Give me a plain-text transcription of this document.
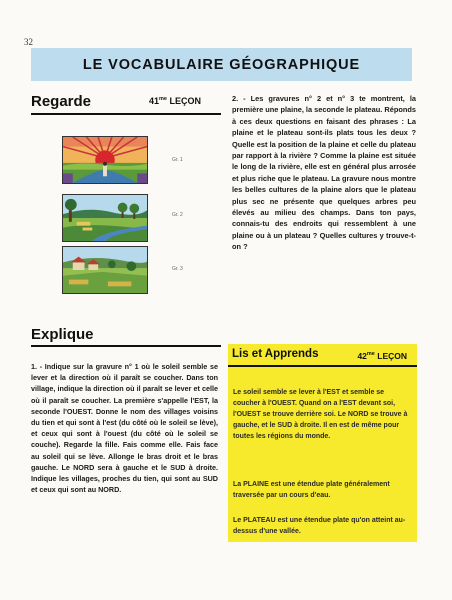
32
LE VOCABULAIRE GÉOGRAPHIQUE
Regarde	$41^{me}$ LEÇON
Gr. 1
Gr. 2
Gr. 3
2. - Les gravures n° 2 et n° 3 te montrent, la première une plaine, la seconde le plateau. Réponds à ces deux questions en faisant des phrases : La plaine et le plateau sont-ils plats tous les deux ? Quelle est la position de la plaine et celle du plateau par rapport à la rivière ? Comme la plaine est située le long de la rivière, elle est en général plus arrosée et plus riche que le plateau. La gravure nous montre les belles cultures de la plaine alors que le plateau plus sec ne présente que quelques arbres peu élevés au milieu des champs. Dans ton pays, connais-tu des endroits qui ressemblent à une plaine ou à un plateau ? Quelles cultures y trouve-t-on ?
Explique
1. - Indique sur la gravure n° 1 où le soleil semble se lever et la direction où il paraît se coucher. Dans ton village, indique la direction où il paraît se lever et celle où il paraît se coucher. La première s'appelle l'EST, la seconde l'OUEST. Donne le nom des villages voisins du tien et qui sont à l'est (du côté où le soleil se lève), et ceux qui sont à l'ouest (du côté où le soleil se couche). Regarde la fille. Fais comme elle. Fais face au soleil qui se lève. Allonge le bras droit et le bras gauche. Le NORD sera à gauche et le SUD à droite. Indique les villages, proches du tien, qui sont au SUD et ceux qui sont au NORD.
Lis et Apprends	$42^{me}$ LEÇON
Le soleil semble se lever à l'EST et semble se coucher à l'OUEST. Quand on a l'EST devant soi, l'OUEST se trouve derrière soi. Le NORD se trouve à gauche, et le SUD à droite. Il en est de même pour toutes les régions du monde.
La PLAINE est une étendue plate généralement traversée par un cours d'eau.
Le PLATEAU est une étendue plate qu'on atteint au-dessus d'une vallée.
